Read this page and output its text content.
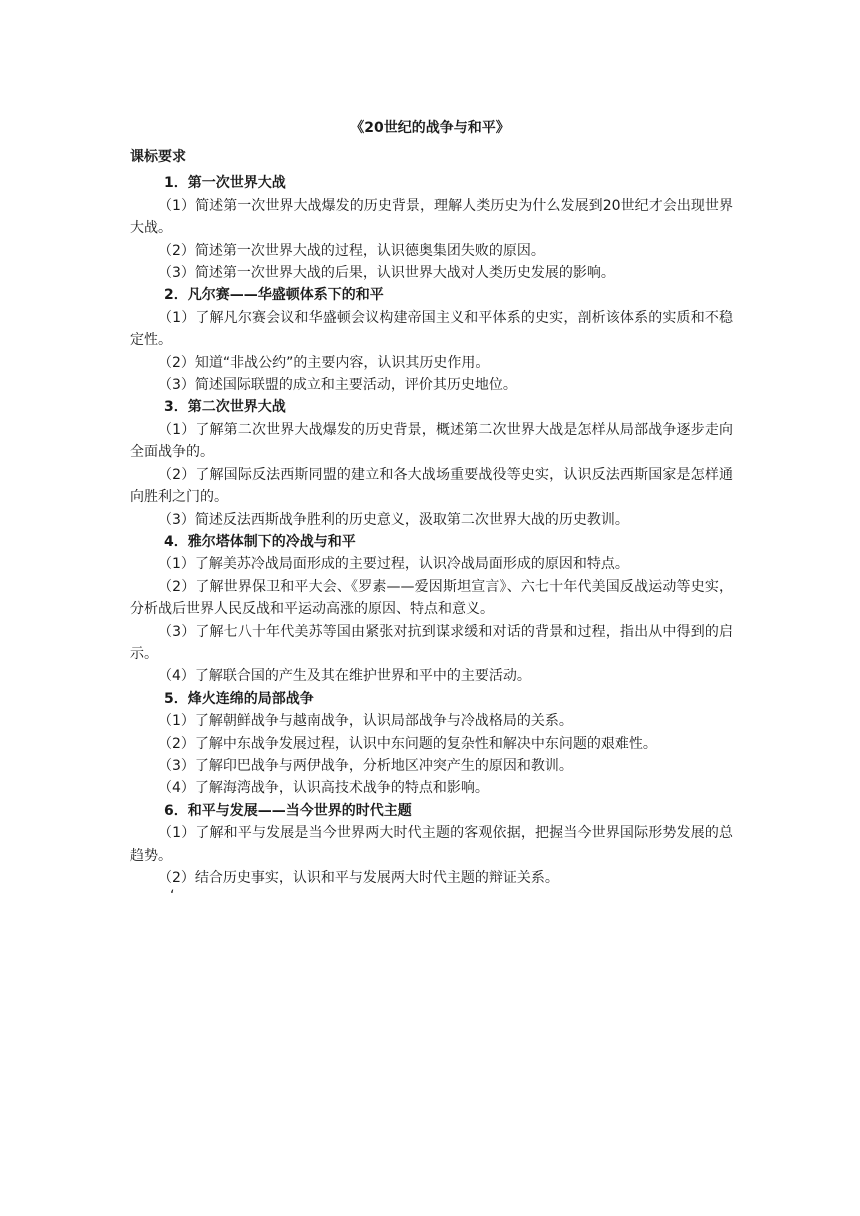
《20世纪的战争与和平》
课标要求
1．第一次世界大战

（1）简述第一次世界大战爆发的历史背景，理解人类历史为什么发展到20世纪才会出现世界大战。

（2）简述第一次世界大战的过程，认识德奥集团失败的原因。

（3）简述第一次世界大战的后果，认识世界大战对人类历史发展的影响。

2．凡尔赛——华盛顿体系下的和平

（1）了解凡尔赛会议和华盛顿会议构建帝国主义和平体系的史实，剖析该体系的实质和不稳定性。

（2）知道“非战公约”的主要内容，认识其历史作用。

（3）简述国际联盟的成立和主要活动，评价其历史地位。

3．第二次世界大战

（1）了解第二次世界大战爆发的历史背景，概述第二次世界大战是怎样从局部战争逐步走向全面战争的。

（2）了解国际反法西斯同盟的建立和各大战场重要战役等史实，认识反法西斯国家是怎样通向胜利之门的。

（3）简述反法西斯战争胜利的历史意义，汲取第二次世界大战的历史教训。

4．雅尔塔体制下的冷战与和平

（1）了解美苏冷战局面形成的主要过程，认识冷战局面形成的原因和特点。

（2）了解世界保卫和平大会、《罗素——爱因斯坦宣言》、六七十年代美国反战运动等史实，分析战后世界人民反战和平运动高涨的原因、特点和意义。

（3）了解七八十年代美苏等国由紧张对抗到谋求缓和对话的背景和过程，指出从中得到的启示。

（4）了解联合国的产生及其在维护世界和平中的主要活动。

5．烽火连绵的局部战争

（1）了解朝鲜战争与越南战争，认识局部战争与冷战格局的关系。

（2）了解中东战争发展过程，认识中东问题的复杂性和解决中东问题的艰难性。

（3）了解印巴战争与两伊战争，分析地区冲突产生的原因和教训。

（4）了解海湾战争，认识高技术战争的特点和影响。

6．和平与发展——当今世界的时代主题

（1）了解和平与发展是当今世界两大时代主题的客观依据，把握当今世界国际形势发展的总趋势。

（2）结合历史事实，认识和平与发展两大时代主题的辩证关系。

‘
